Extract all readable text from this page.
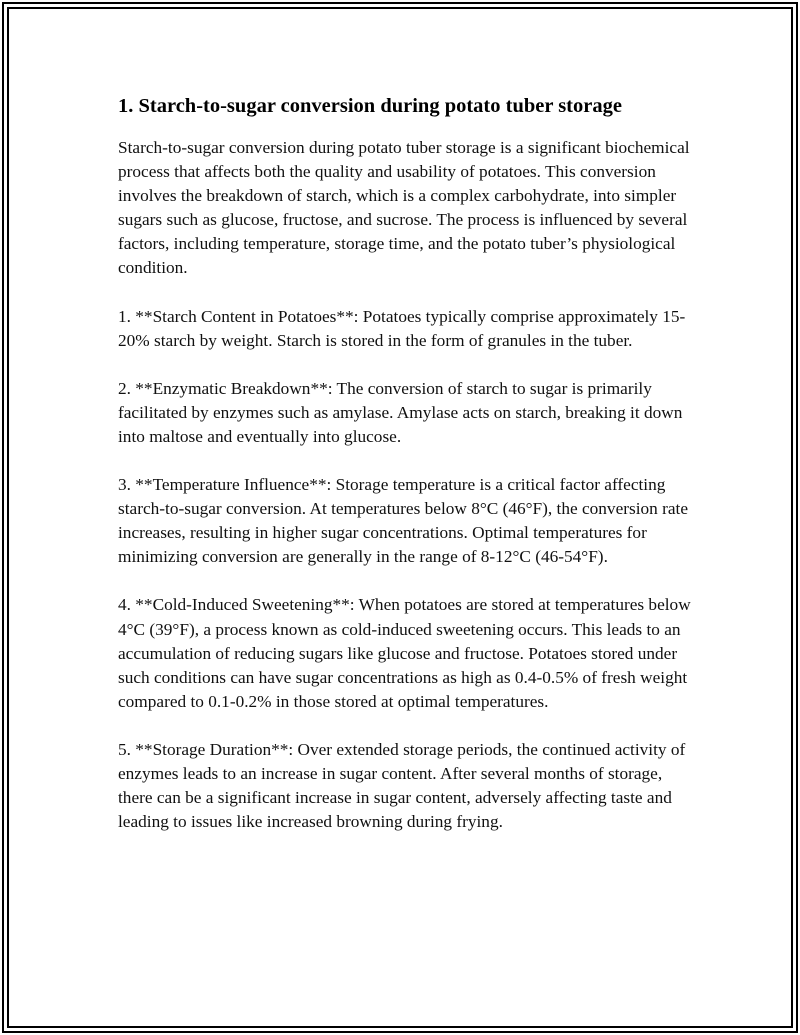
1. Starch-to-sugar conversion during potato tuber storage

Starch-to-sugar conversion during potato tuber storage is a significant biochemical process that affects both the quality and usability of potatoes. This conversion involves the breakdown of starch, which is a complex carbohydrate, into simpler sugars such as glucose, fructose, and sucrose. The process is influenced by several factors, including temperature, storage time, and the potato tuber’s physiological condition.

1. **Starch Content in Potatoes**: Potatoes typically comprise approximately 15-20% starch by weight. Starch is stored in the form of granules in the tuber.

2. **Enzymatic Breakdown**: The conversion of starch to sugar is primarily facilitated by enzymes such as amylase. Amylase acts on starch, breaking it down into maltose and eventually into glucose.

3. **Temperature Influence**: Storage temperature is a critical factor affecting starch-to-sugar conversion. At temperatures below 8°C (46°F), the conversion rate increases, resulting in higher sugar concentrations. Optimal temperatures for minimizing conversion are generally in the range of 8-12°C (46-54°F).

4. **Cold-Induced Sweetening**: When potatoes are stored at temperatures below 4°C (39°F), a process known as cold-induced sweetening occurs. This leads to an accumulation of reducing sugars like glucose and fructose. Potatoes stored under such conditions can have sugar concentrations as high as 0.4-0.5% of fresh weight compared to 0.1-0.2% in those stored at optimal temperatures.

5. **Storage Duration**: Over extended storage periods, the continued activity of enzymes leads to an increase in sugar content. After several months of storage, there can be a significant increase in sugar content, adversely affecting taste and leading to issues like increased browning during frying.
